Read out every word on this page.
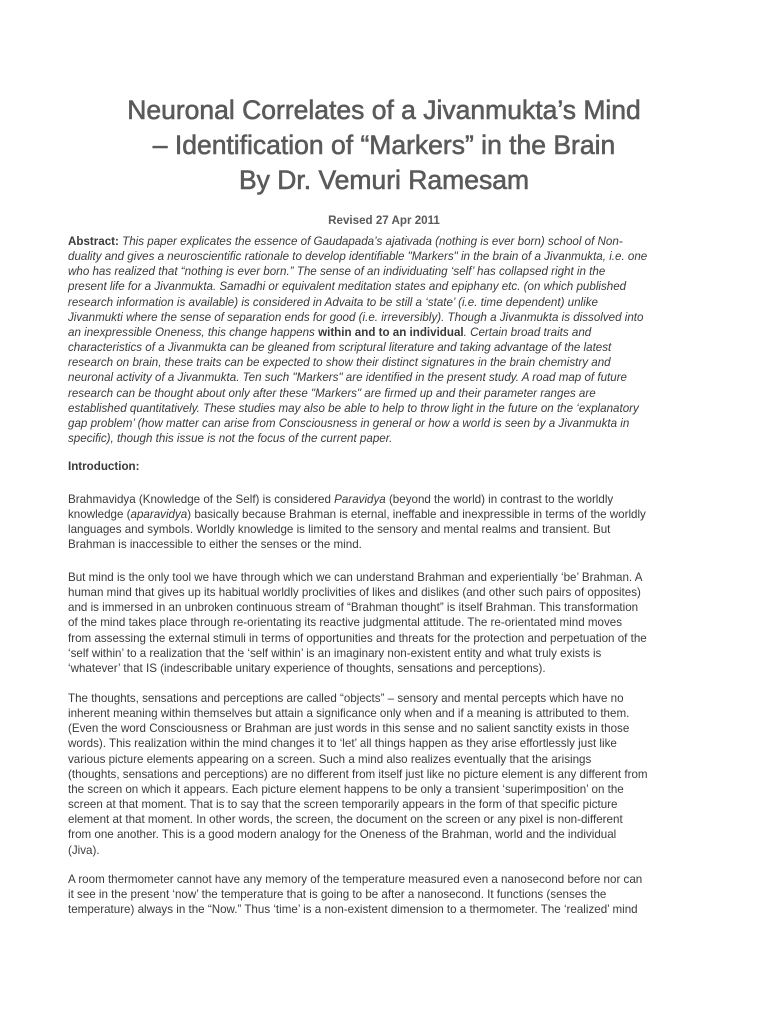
Neuronal Correlates of a Jivanmukta’s Mind
– Identification of “Markers” in the Brain
By Dr. Vemuri Ramesam
Revised 27 Apr 2011
Abstract: This paper explicates the essence of Gaudapada’s ajativada (nothing is ever born) school of Non-
duality and gives a neuroscientific rationale to develop identifiable "Markers" in the brain of a Jivanmukta, i.e. one
who has realized that “nothing is ever born.” The sense of an individuating ‘self’ has collapsed right in the
present life for a Jivanmukta. Samadhi or equivalent meditation states and epiphany etc. (on which published
research information is available) is considered in Advaita to be still a ‘state’ (i.e. time dependent) unlike
Jivanmukti where the sense of separation ends for good (i.e. irreversibly). Though a Jivanmukta is dissolved into
an inexpressible Oneness, this change happens within and to an individual. Certain broad traits and
characteristics of a Jivanmukta can be gleaned from scriptural literature and taking advantage of the latest
research on brain, these traits can be expected to show their distinct signatures in the brain chemistry and
neuronal activity of a Jivanmukta. Ten such "Markers" are identified in the present study. A road map of future
research can be thought about only after these "Markers" are firmed up and their parameter ranges are
established quantitatively. These studies may also be able to help to throw light in the future on the ‘explanatory
gap problem’ (how matter can arise from Consciousness in general or how a world is seen by a Jivanmukta in
specific), though this issue is not the focus of the current paper.
Introduction:
Brahmavidya (Knowledge of the Self) is considered Paravidya (beyond the world) in contrast to the worldly
knowledge (aparavidya) basically because Brahman is eternal, ineffable and inexpressible in terms of the worldly
languages and symbols. Worldly knowledge is limited to the sensory and mental realms and transient. But
Brahman is inaccessible to either the senses or the mind.
But mind is the only tool we have through which we can understand Brahman and experientially ‘be’ Brahman. A
human mind that gives up its habitual worldly proclivities of likes and dislikes (and other such pairs of opposites)
and is immersed in an unbroken continuous stream of “Brahman thought” is itself Brahman. This transformation
of the mind takes place through re-orientating its reactive judgmental attitude. The re-orientated mind moves
from assessing the external stimuli in terms of opportunities and threats for the protection and perpetuation of the
‘self within’ to a realization that the ‘self within’ is an imaginary non-existent entity and what truly exists is
‘whatever’ that IS (indescribable unitary experience of thoughts, sensations and perceptions).
The thoughts, sensations and perceptions are called “objects” – sensory and mental percepts which have no
inherent meaning within themselves but attain a significance only when and if a meaning is attributed to them.
(Even the word Consciousness or Brahman are just words in this sense and no salient sanctity exists in those
words). This realization within the mind changes it to ‘let’ all things happen as they arise effortlessly just like
various picture elements appearing on a screen. Such a mind also realizes eventually that the arisings
(thoughts, sensations and perceptions) are no different from itself just like no picture element is any different from
the screen on which it appears. Each picture element happens to be only a transient ‘superimposition’ on the
screen at that moment. That is to say that the screen temporarily appears in the form of that specific picture
element at that moment. In other words, the screen, the document on the screen or any pixel is non-different
from one another. This is a good modern analogy for the Oneness of the Brahman, world and the individual
(Jiva).
A room thermometer cannot have any memory of the temperature measured even a nanosecond before nor can
it see in the present ‘now’ the temperature that is going to be after a nanosecond. It functions (senses the
temperature) always in the “Now.” Thus ‘time’ is a non-existent dimension to a thermometer. The ‘realized’ mind
